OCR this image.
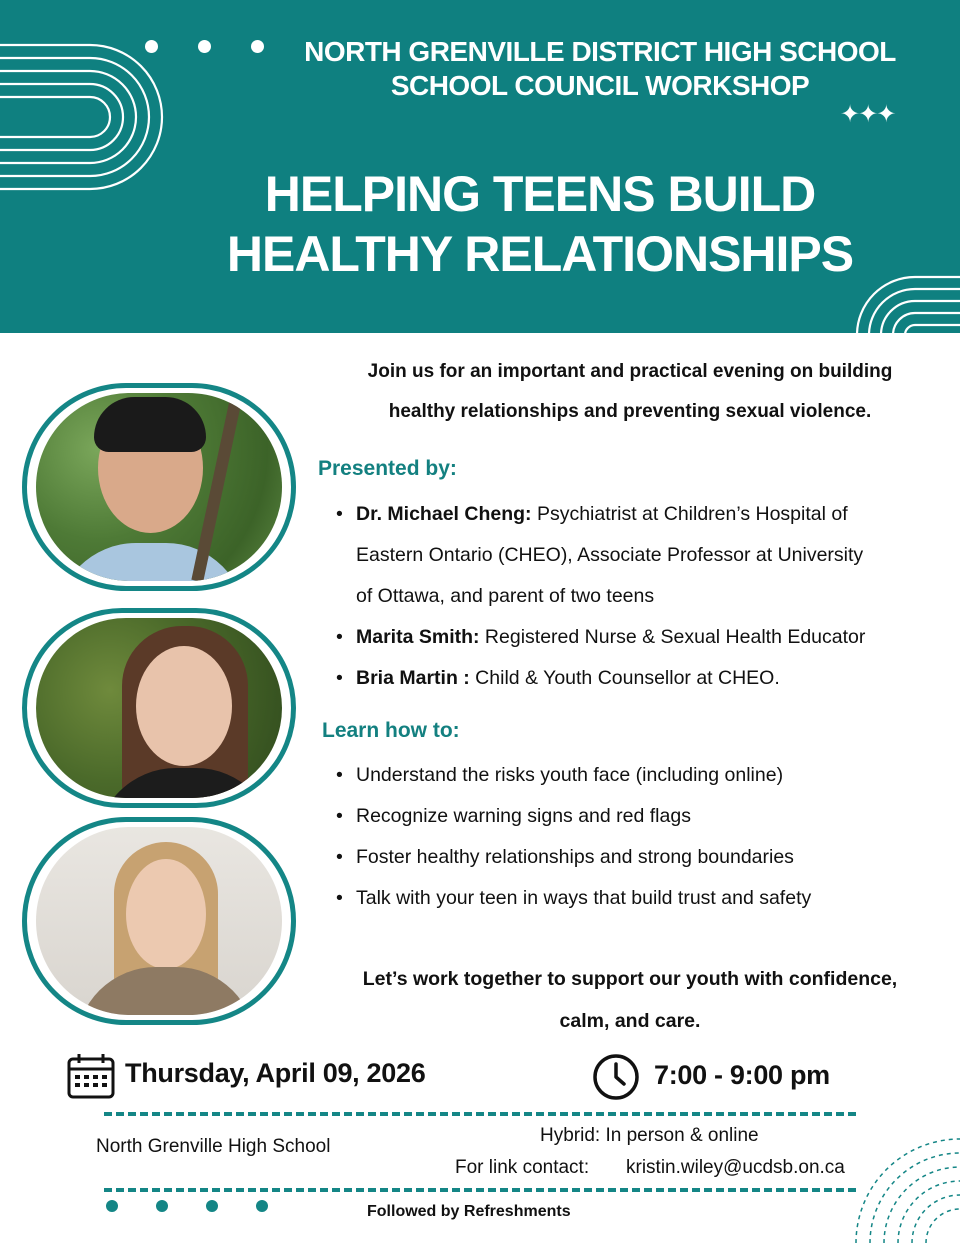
NORTH GRENVILLE DISTRICT HIGH SCHOOL
SCHOOL COUNCIL WORKSHOP
✦✦✦
HELPING TEENS BUILD
HEALTHY RELATIONSHIPS
Join us for an important and practical evening on building
healthy relationships and preventing sexual violence.
Presented by:
• Dr. Michael Cheng: Psychiatrist at Children’s Hospital of
Eastern Ontario (CHEO), Associate Professor at University
of Ottawa, and parent of two teens
• Marita Smith: Registered Nurse & Sexual Health Educator
• Bria Martin : Child & Youth Counsellor at CHEO.
Learn how to:
• Understand the risks youth face (including online)
• Recognize warning signs and red flags
• Foster healthy relationships and strong boundaries
• Talk with your teen in ways that build trust and safety
Let’s work together to support our youth with confidence,
calm, and care.
Thursday, April 09, 2026	7:00 - 9:00 pm
North Grenville High School
Hybrid: In person & online
For link contact: kristin.wiley@ucdsb.on.ca
Followed by Refreshments
